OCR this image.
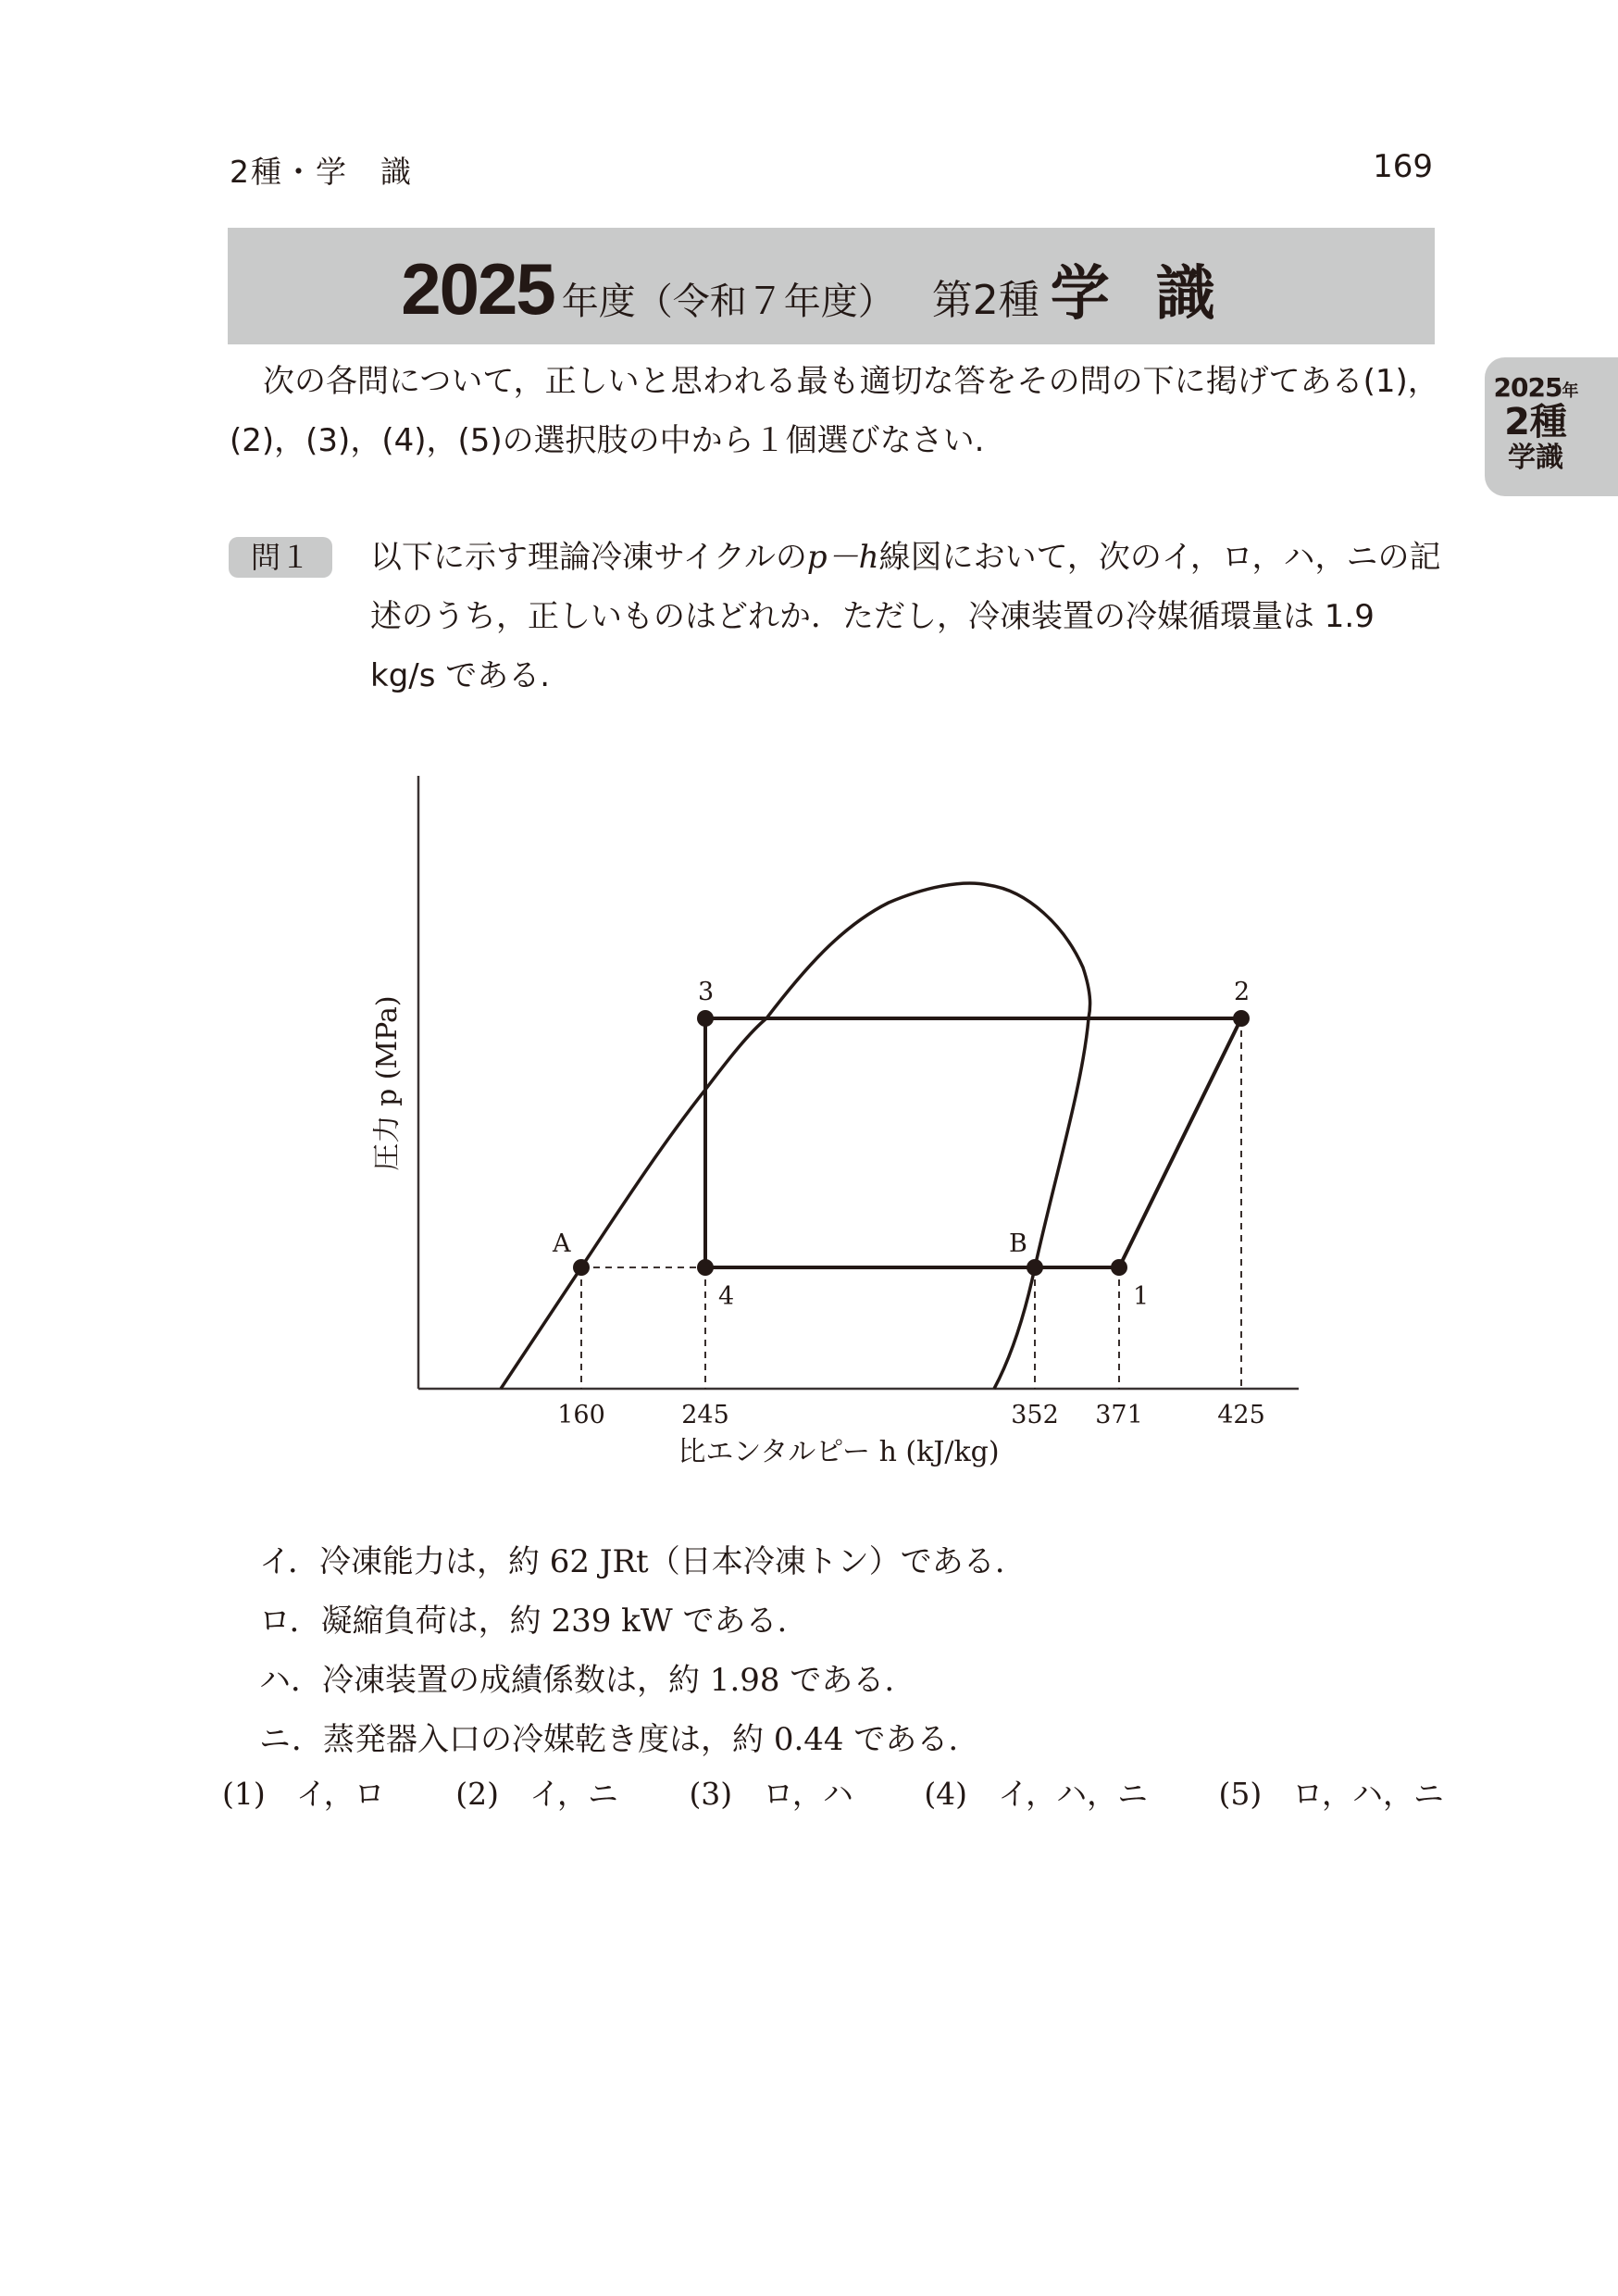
2種・学　識	169
2025 年度（令和７年度） 第2種 学識
2025年
2種
学識
次の各問について，正しいと思われる最も適切な答をその問の下に掲げてある(1)，(2)，(3)，(4)，(5)の選択肢の中から１個選びなさい.
問１	以下に示す理論冷凍サイクルのp－h線図において，次のイ，ロ，ハ，ニの記述のうち，正しいものはどれか．ただし，冷凍装置の冷媒循環量は 1.9 kg/s である.
3	2
A	B
4	1
160	245	352 371	425
比エンタルピー h (kJ/kg)
圧力 p (MPa)
イ．冷凍能力は，約 62 JRt（日本冷凍トン）である.
ロ．凝縮負荷は，約 239 kW である.
ハ．冷凍装置の成績係数は，約 1.98 である.
ニ．蒸発器入口の冷媒乾き度は，約 0.44 である.
(1)　 イ，ロ (2)　 イ，ニ (3)　 ロ，ハ (4)　 イ，ハ，ニ (5)　 ロ，ハ，ニ
